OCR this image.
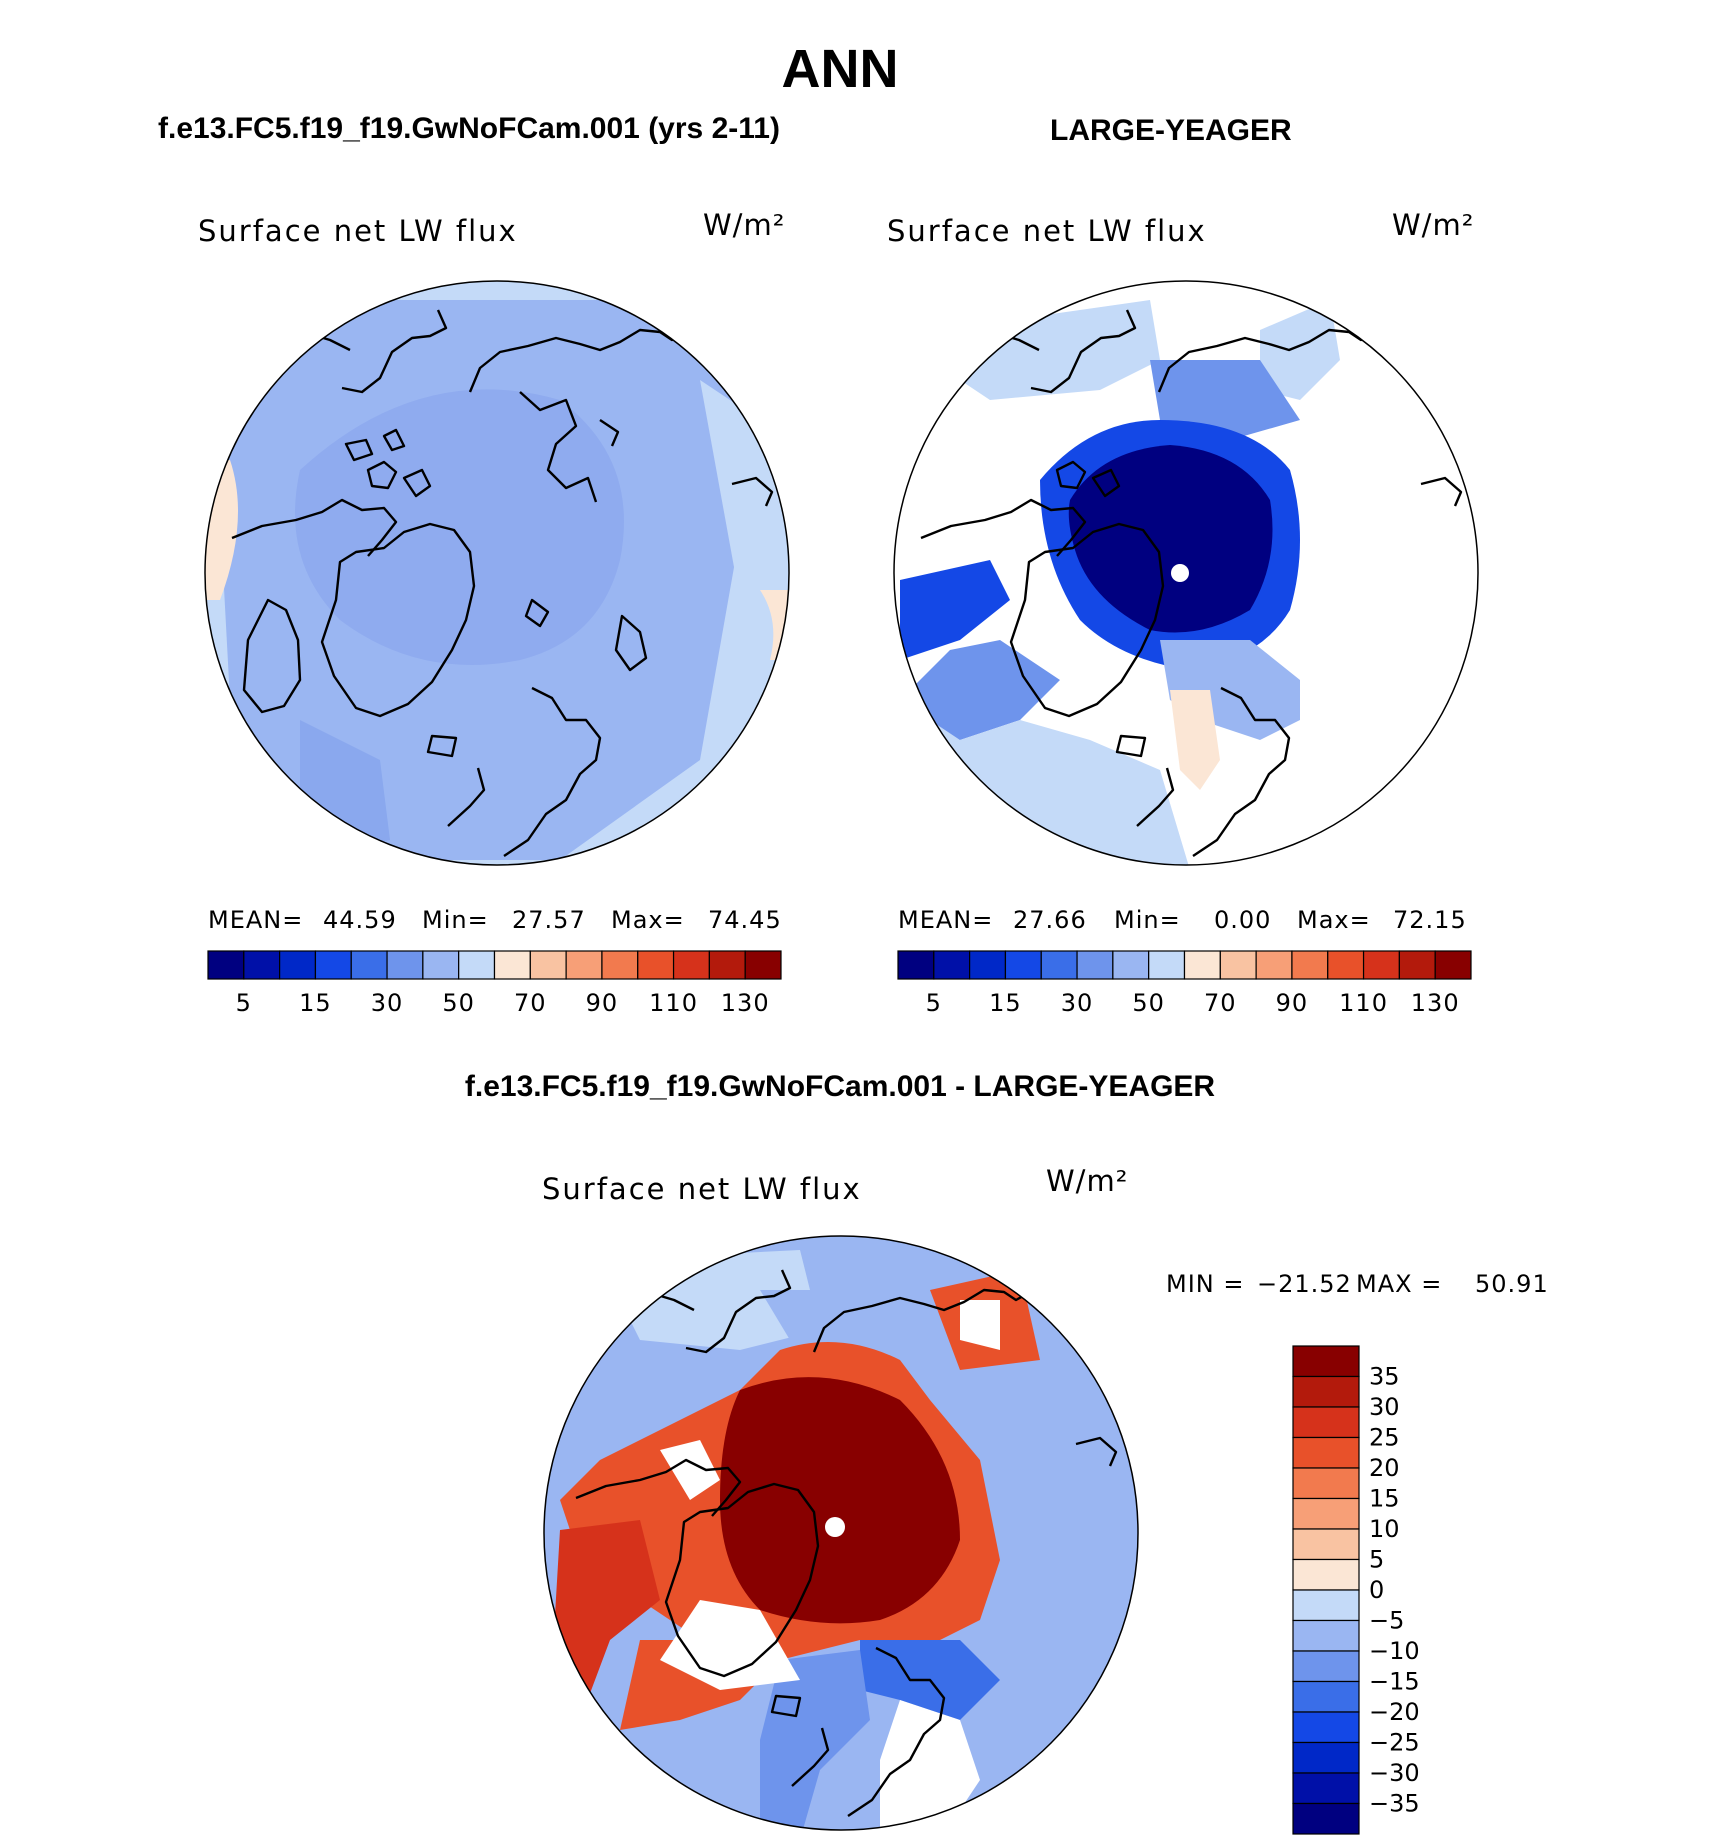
ANN
f.e13.FC5.f19_f19.GwNoFCam.001 (yrs 2-11)	LARGE-YEAGER
f.e13.FC5.f19_f19.GwNoFCam.001 - LARGE-YEAGER
Surface net LW flux	W/m²
MEAN= 44.59 Min= 27.57 Max= 74.45
Surface net LW flux	W/m²
MEAN= 27.66 Min= 0.00 Max= 72.15
Surface net LW flux	W/m²
MIN = −21.52 MAX = 50.91
5 15 30 50 70 90 110 130	5 15 30 50 70 90 110 130
35
30
25
20
15
10
5
0
−5
−10
−15
−20
−25
−30
−35
